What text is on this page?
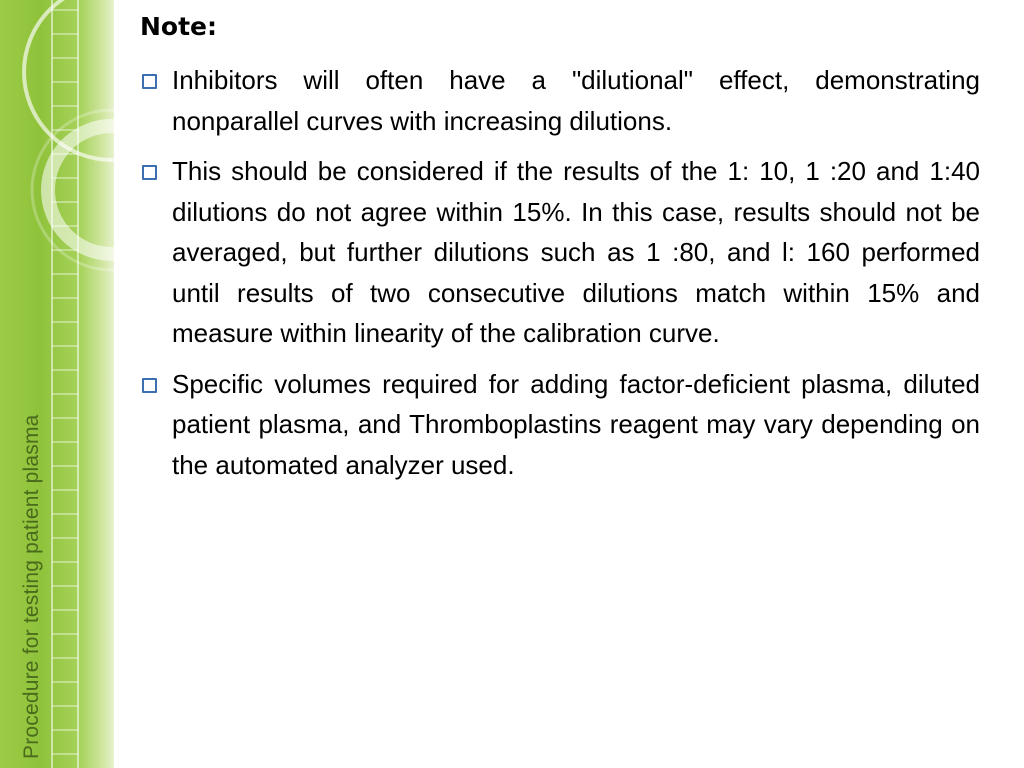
Procedure for testing patient plasma
Note:
Inhibitors will often have a "dilutional" effect, demonstrating nonparallel curves with increasing dilutions.
This should be considered if the results of the 1: 10, 1 :20 and 1:40 dilutions do not agree within 15%. In this case, results should not be averaged, but further dilutions such as 1 :80, and l: 160 performed until results of two consecutive dilutions match within 15% and measure within linearity of the calibration curve.
Specific volumes required for adding factor-deficient plasma, diluted patient plasma, and Thromboplastins reagent may vary depending on the automated analyzer used.
